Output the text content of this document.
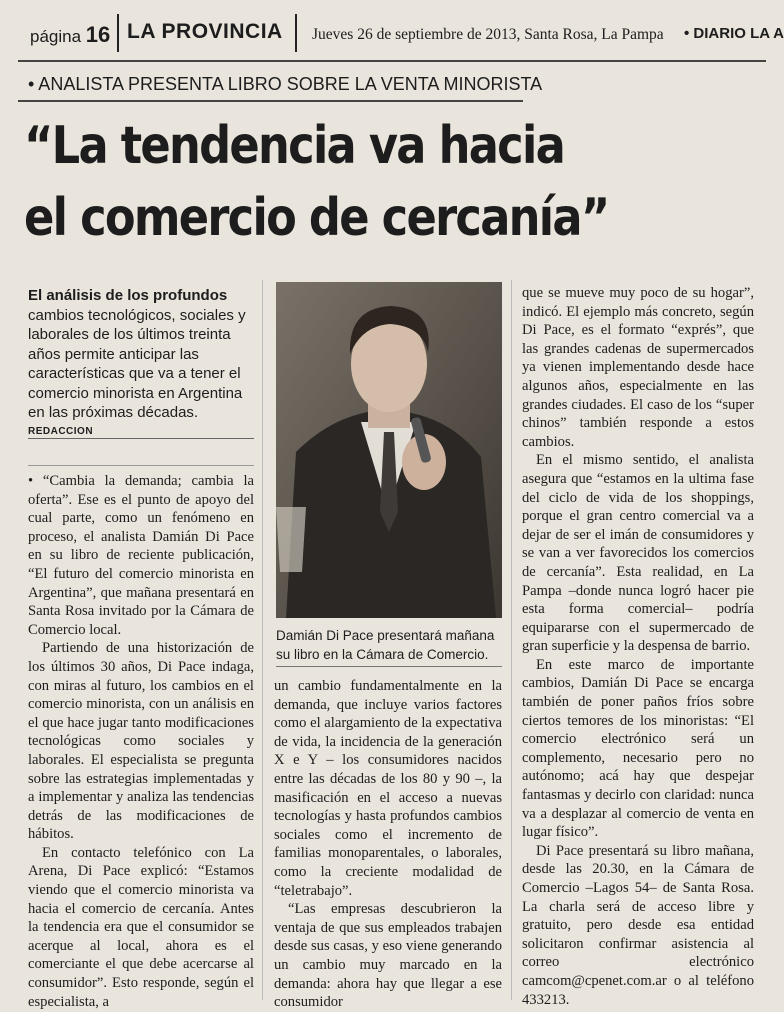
página 16 LA PROVINCIA Jueves 26 de septiembre de 2013, Santa Rosa, La Pampa • DIARIO LA A
• ANALISTA PRESENTA LIBRO SOBRE LA VENTA MINORISTA
“La tendencia va hacia
el comercio de cercanía”
El análisis de los profundos cambios tecnológicos, sociales y laborales de los últimos treinta años permite anticipar las características que va a tener el comercio minorista en Argentina en las próximas décadas.
REDACCION

• “Cambia la demanda; cambia la oferta”. Ese es el punto de apoyo del cual parte, como un fenómeno en proceso, el analista Damián Di Pace en su libro de reciente publicación, “El futuro del comercio minorista en Argentina”, que mañana presentará en Santa Rosa invitado por la Cámara de Comercio local.

Partiendo de una historización de los últimos 30 años, Di Pace indaga, con miras al futuro, los cambios en el comercio minorista, con un análisis en el que hace jugar tanto modificaciones tecnológicas como sociales y laborales. El especialista se pregunta sobre las estrategias implementadas y a implementar y analiza las tendencias detrás de las modificaciones de hábitos.

En contacto telefónico con La Arena, Di Pace explicó: “Estamos viendo que el comercio minorista va hacia el comercio de cercanía. Antes la tendencia era que el consumidor se acerque al local, ahora es el comerciante el que debe acercarse al consumidor”. Esto responde, según el especialista, a

Damián Di Pace presentará mañana su libro en la Cámara de Comercio.

un cambio fundamentalmente en la demanda, que incluye varios factores como el alargamiento de la expectativa de vida, la incidencia de la generación X e Y – los consumidores nacidos entre las décadas de los 80 y 90 –, la masificación en el acceso a nuevas tecnologías y hasta profundos cambios sociales como el incremento de familias monoparentales, o laborales, como la creciente modalidad de “teletrabajo”.

“Las empresas descubrieron la ventaja de que sus empleados trabajen desde sus casas, y eso viene generando un cambio muy marcado en la demanda: ahora hay que llegar a ese consumidor

que se mueve muy poco de su hogar”, indicó. El ejemplo más concreto, según Di Pace, es el formato “exprés”, que las grandes cadenas de supermercados ya vienen implementando desde hace algunos años, especialmente en las grandes ciudades. El caso de los “super chinos” también responde a estos cambios.

En el mismo sentido, el analista asegura que “estamos en la ultima fase del ciclo de vida de los shoppings, porque el gran centro comercial va a dejar de ser el imán de consumidores y se van a ver favorecidos los comercios de cercanía”. Esta realidad, en La Pampa –donde nunca logró hacer pie esta forma comercial– podría equipararse con el supermercado de gran superficie y la despensa de barrio.

En este marco de importante cambios, Damián Di Pace se encarga también de poner paños fríos sobre ciertos temores de los minoristas: “El comercio electrónico será un complemento, necesario pero no autónomo; acá hay que despejar fantasmas y decirlo con claridad: nunca va a desplazar al comercio de venta en lugar físico”.

Di Pace presentará su libro mañana, desde las 20.30, en la Cámara de Comercio –Lagos 54– de Santa Rosa. La charla será de acceso libre y gratuito, pero desde esa entidad solicitaron confirmar asistencia al correo electrónico camcom@cpenet.com.ar o al teléfono 433213.
